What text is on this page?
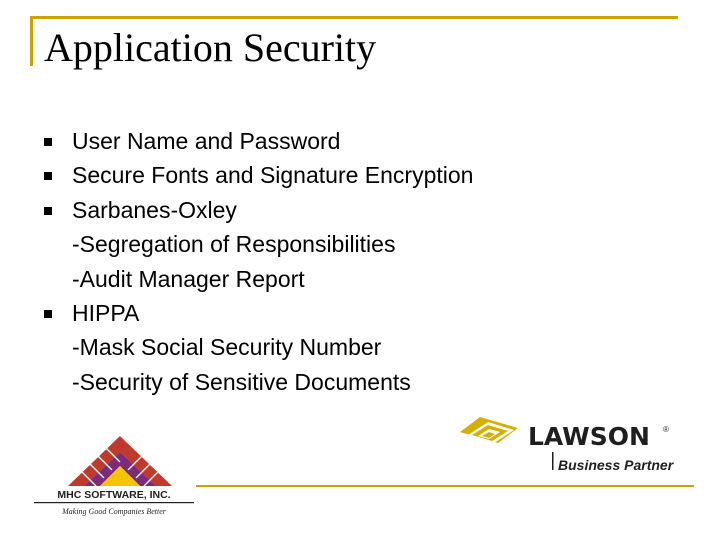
Application Security
User Name and Password
Secure Fonts and Signature Encryption
Sarbanes-Oxley
-Segregation of Responsibilities
-Audit Manager Report
HIPPA
-Mask Social Security Number
-Security of Sensitive Documents
LAWSON ®
Business Partner
MHC SOFTWARE, INC.
Making Good Companies Better
